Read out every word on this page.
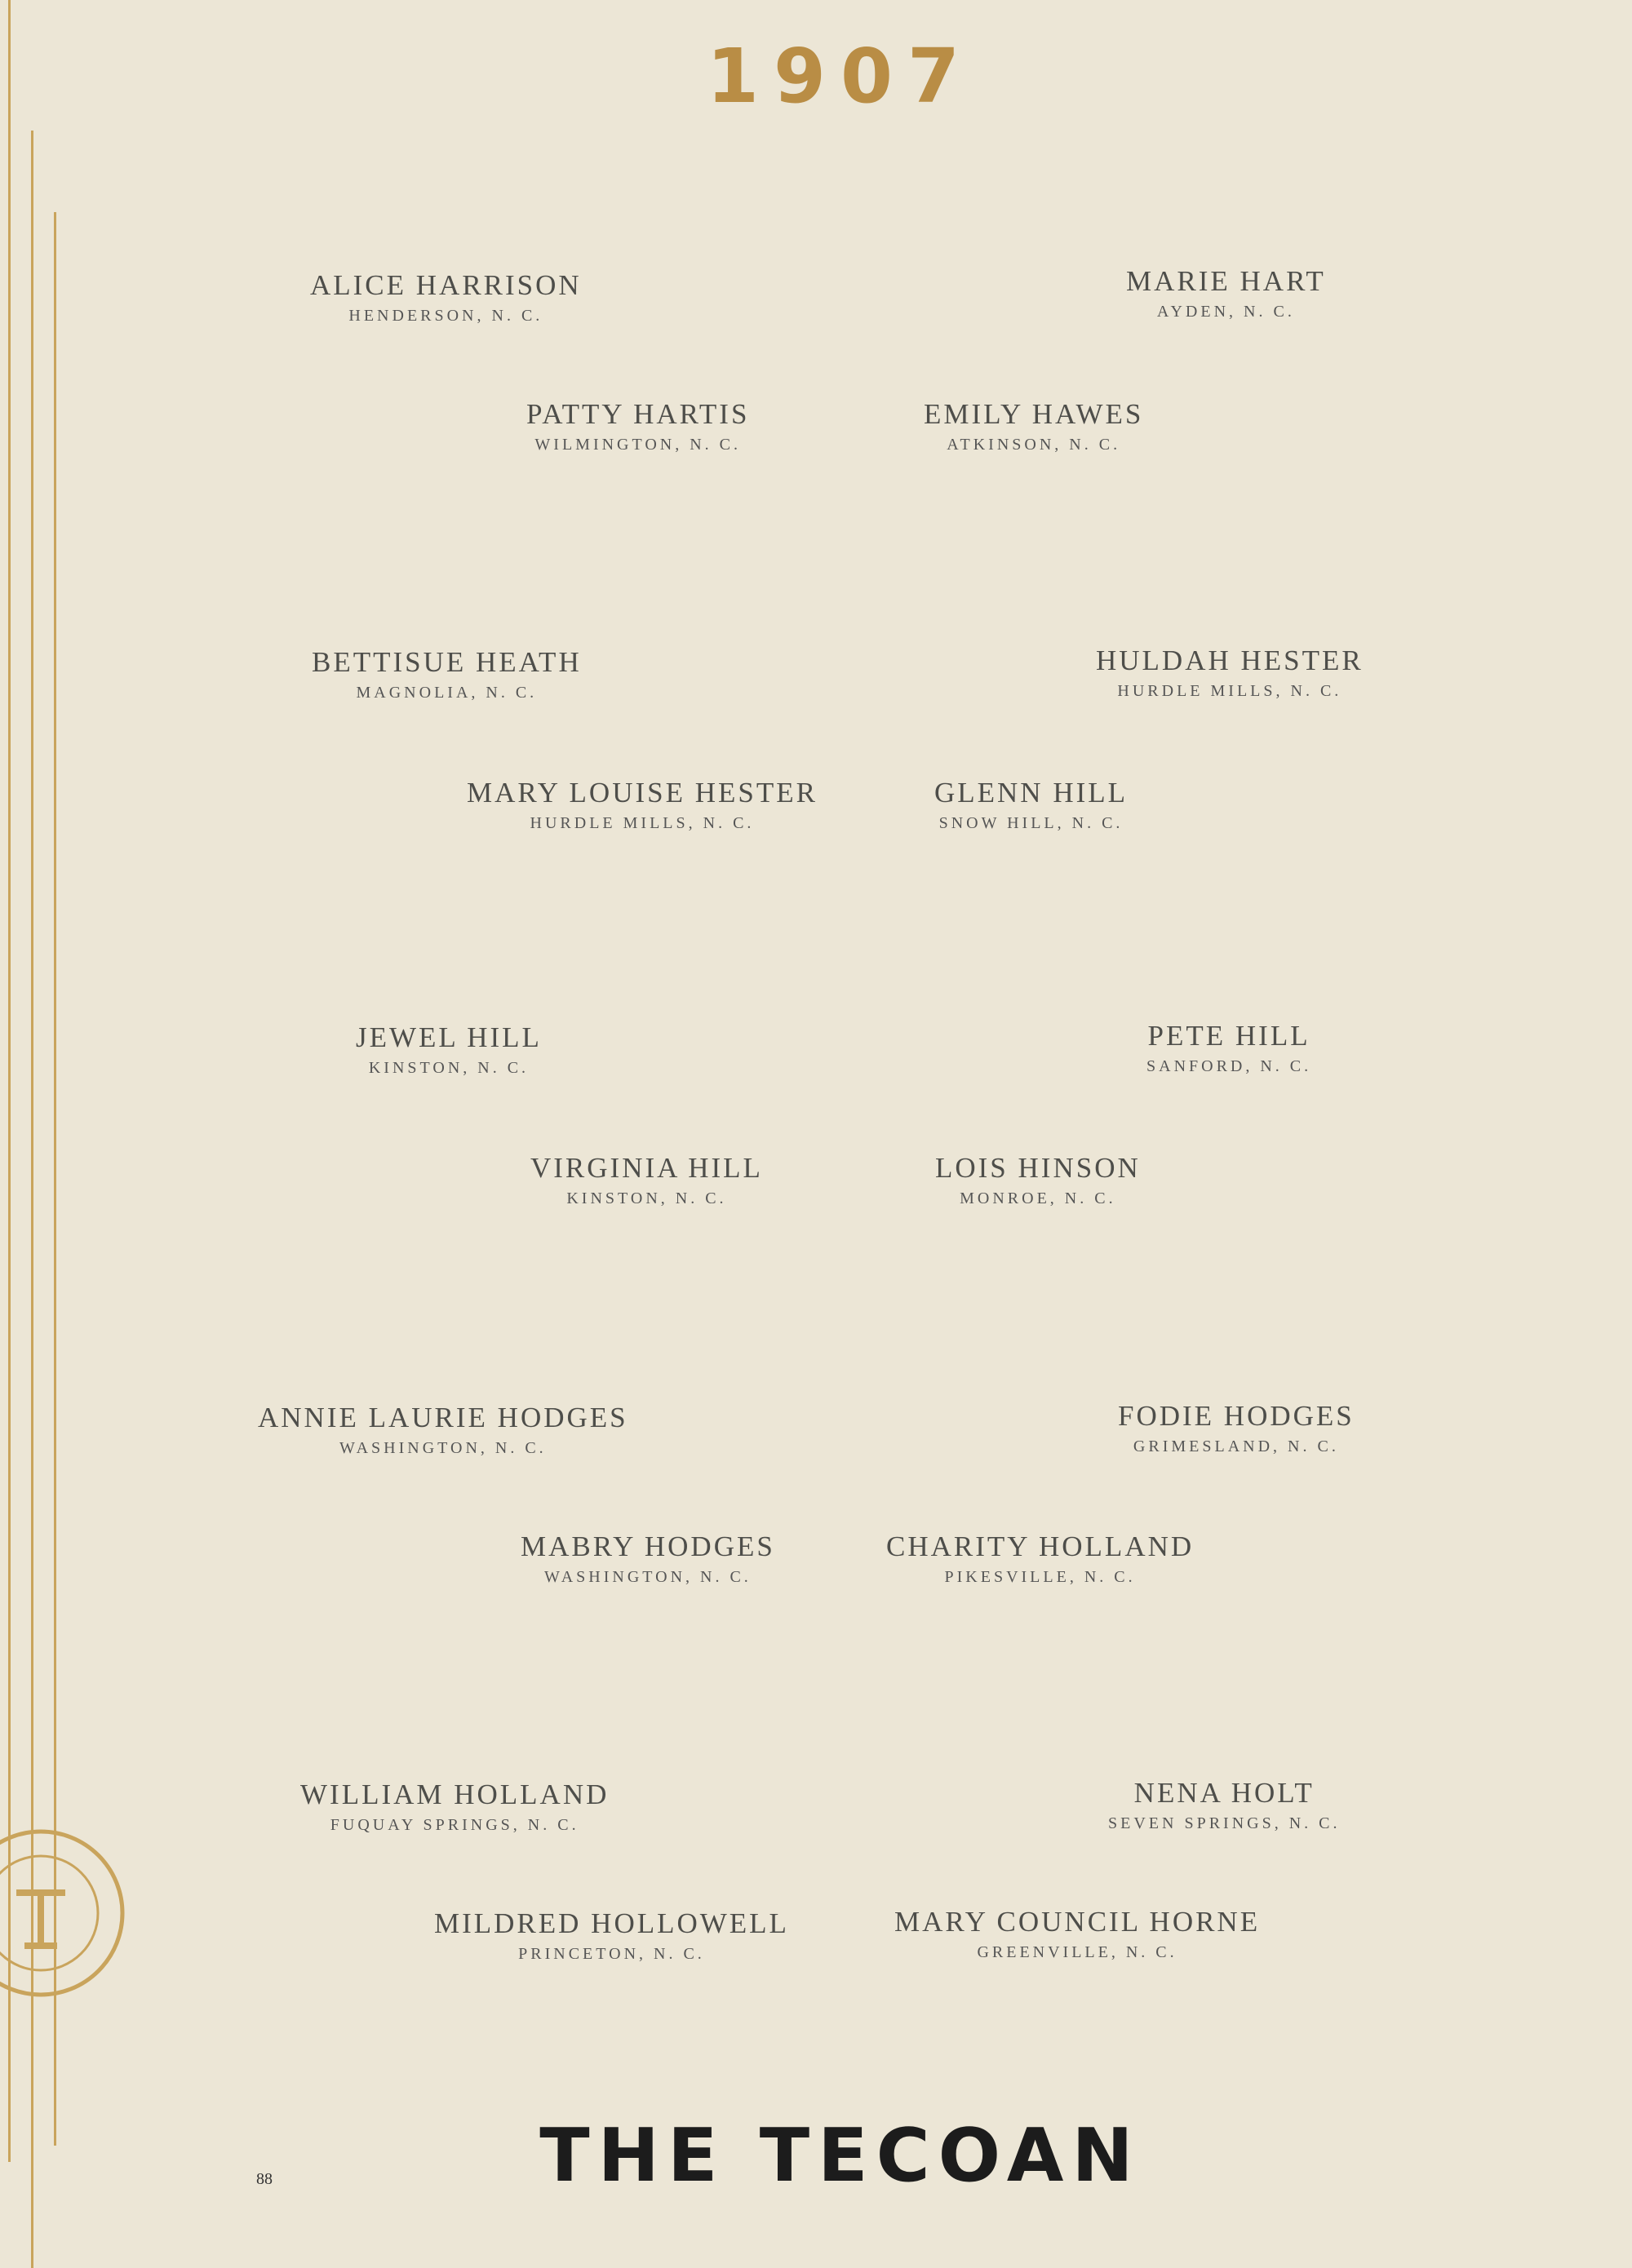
1907
ALICE HARRISON
HENDERSON, N. C.
MARIE HART
AYDEN, N. C.
PATTY HARTIS
WILMINGTON, N. C.
EMILY HAWES
ATKINSON, N. C.
BETTISUE HEATH
MAGNOLIA, N. C.
HULDAH HESTER
HURDLE MILLS, N. C.
MARY LOUISE HESTER
HURDLE MILLS, N. C.
GLENN HILL
SNOW HILL, N. C.
JEWEL HILL
KINSTON, N. C.
PETE HILL
SANFORD, N. C.
VIRGINIA HILL
KINSTON, N. C.
LOIS HINSON
MONROE, N. C.
ANNIE LAURIE HODGES
WASHINGTON, N. C.
FODIE HODGES
GRIMESLAND, N. C.
MABRY HODGES
WASHINGTON, N. C.
CHARITY HOLLAND
PIKESVILLE, N. C.
WILLIAM HOLLAND
FUQUAY SPRINGS, N. C.
NENA HOLT
SEVEN SPRINGS, N. C.
MILDRED HOLLOWELL
PRINCETON, N. C.
MARY COUNCIL HORNE
GREENVILLE, N. C.
88	THE TECOAN
